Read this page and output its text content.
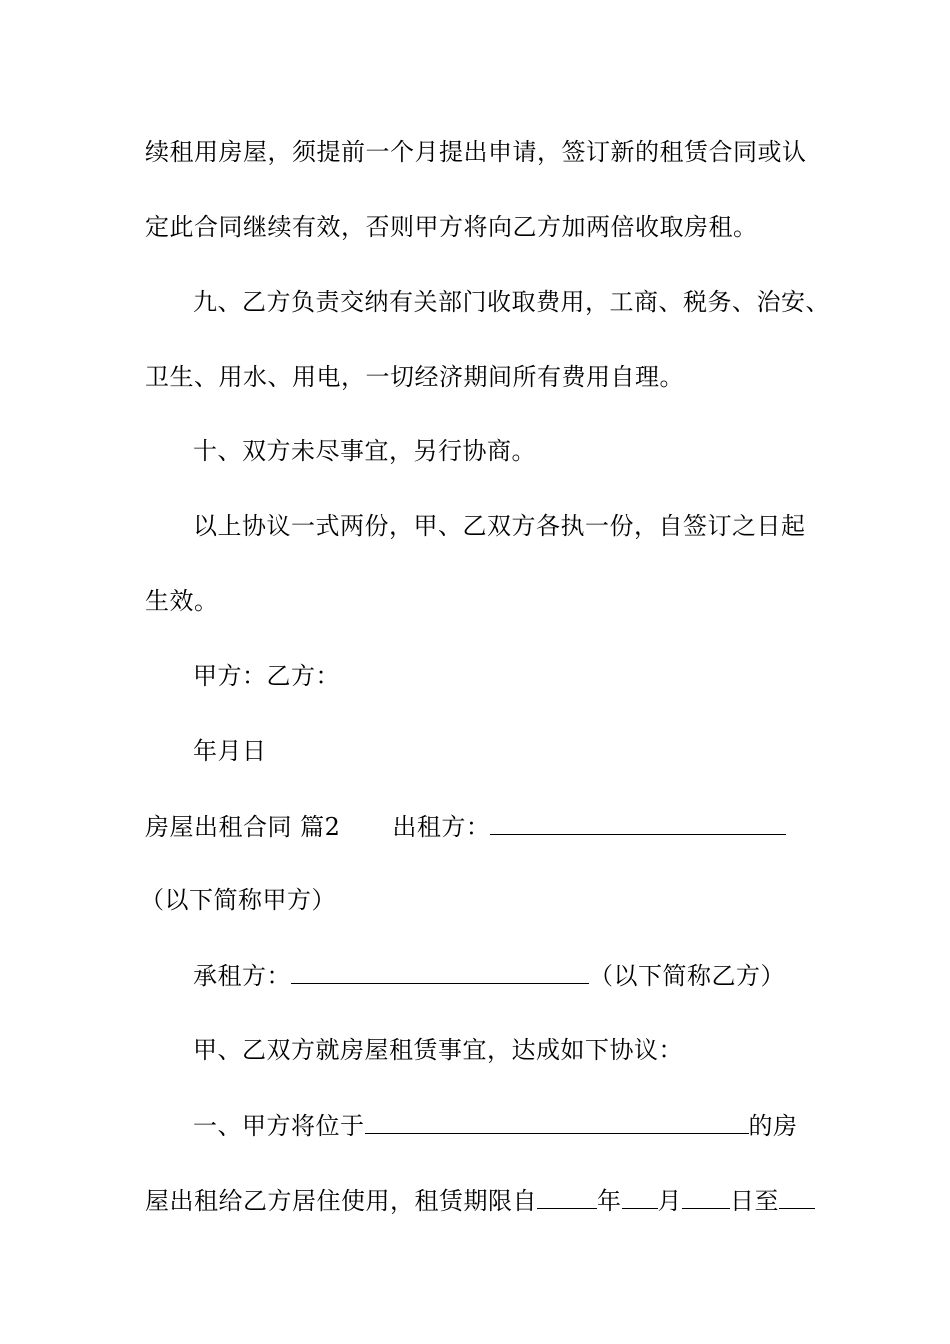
续租用房屋，须提前一个月提出申请，签订新的租赁合同或认
定此合同继续有效，否则甲方将向乙方加两倍收取房租。
九、乙方负责交纳有关部门收取费用，工商、税务、治安、
卫生、用水、用电，一切经济期间所有费用自理。
十、双方未尽事宜，另行协商。
以上协议一式两份，甲、乙双方各执一份，自签订之日起
生效。
甲方：乙方：
年月日
房屋出租合同 篇2 出租方：
（以下简称甲方）
承租方：	（以下简称乙方）
甲、乙双方就房屋租赁事宜，达成如下协议：
一、甲方将位于	的房
屋出租给乙方居住使用，租赁期限自	年 月 日至
